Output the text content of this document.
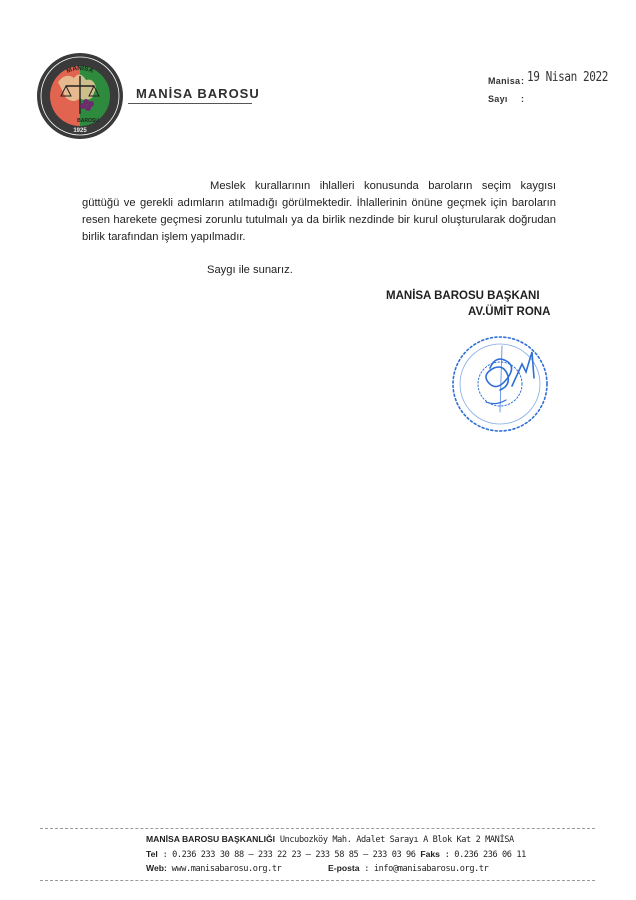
MANİSA
BAROSU
1925
MANİSA BAROSU
Manisa : 19 Nisan 2022
Sayı :
Meslek kurallarının ihlalleri konusunda baroların seçim kaygısı güttüğü ve gerekli adımların atılmadığı görülmektedir. İhlallerinin önüne geçmek için baroların resen harekete geçmesi zorunlu tutulmalı ya da birlik nezdinde bir kurul oluşturularak doğrudan birlik tarafından işlem yapılmadır.
Saygı ile sunarız.
MANİSA BAROSU BAŞKANI
AV.ÜMİT RONA
MANİSA BAROSU BAŞKANLIĞI Uncubozköy Mah. Adalet Sarayı A Blok Kat 2 MANİSA
Tel : 0.236 233 30 88 – 233 22 23 – 233 58 85 – 233 03 96 Faks : 0.236 236 06 11
Web: www.manisabarosu.org.tr	E-posta : info@manisabarosu.org.tr
